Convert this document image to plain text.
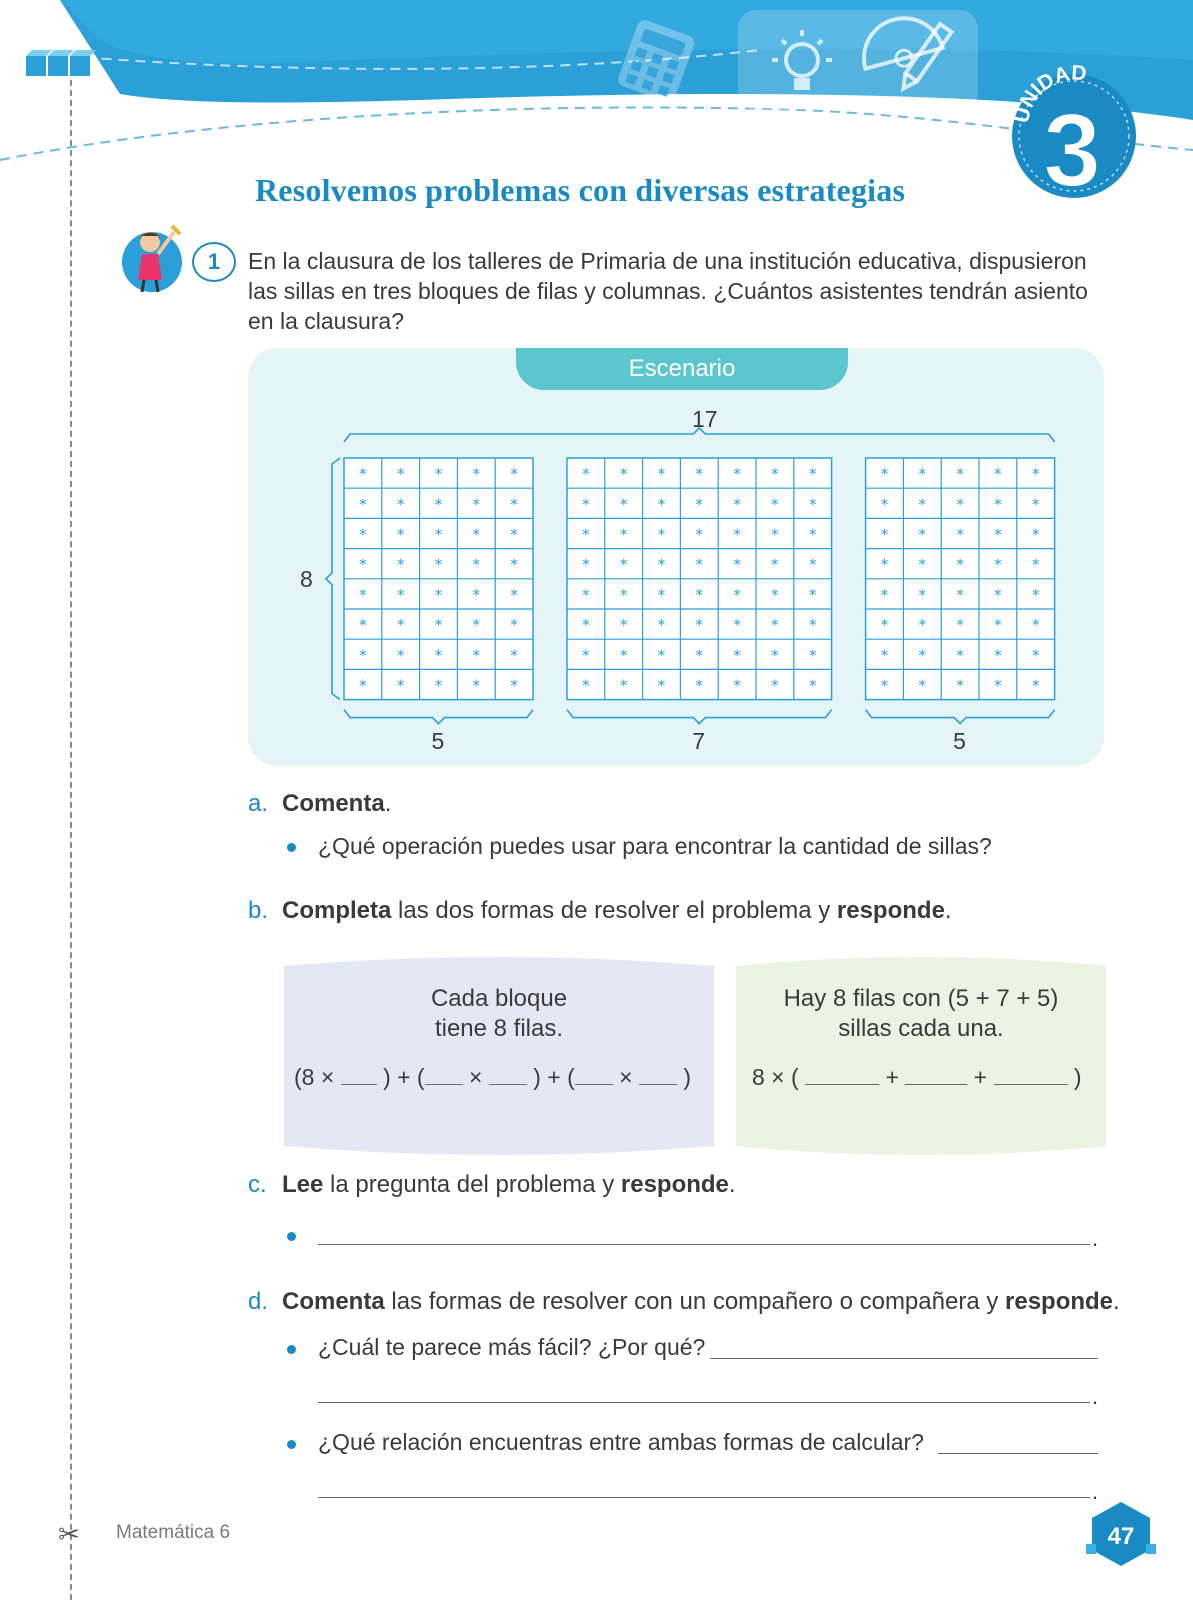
✂
UNIDAD
3
Resolvemos problemas con diversas estrategias
1	En la clausura de los talleres de Primaria de una institución educativa, dispusieron las sillas en tres bloques de filas y columnas. ¿Cuántos asistentes tendrán asiento en la clausura?
Escenario
17
8
5	7	5
* * * * *
* * * * *
* * * * *
* * * * *
* * * * *
* * * * *
* * * * *
* * * * *
* * * * * * *
* * * * * * *
* * * * * * *
* * * * * * *
* * * * * * *
* * * * * * *
* * * * * * *
* * * * * * *
* * * * *
* * * * *
* * * * *
* * * * *
* * * * *
* * * * *
* * * * *
* * * * *
a. Comenta.
¿Qué operación puedes usar para encontrar la cantidad de sillas?
b. Completa las dos formas de resolver el problema y responde.
Cada bloque
tiene 8 filas.
(8 × ) + ( × ) + ( × )
Hay 8 filas con (5 + 7 + 5)
sillas cada una.
8 × (	+	+	)
c. Lee la pregunta del problema y responde.
.
d. Comenta las formas de resolver con un compañero o compañera y responde.
¿Cuál te parece más fácil? ¿Por qué?
.
¿Qué relación encuentras entre ambas formas de calcular?
.
Matemática 6	47
